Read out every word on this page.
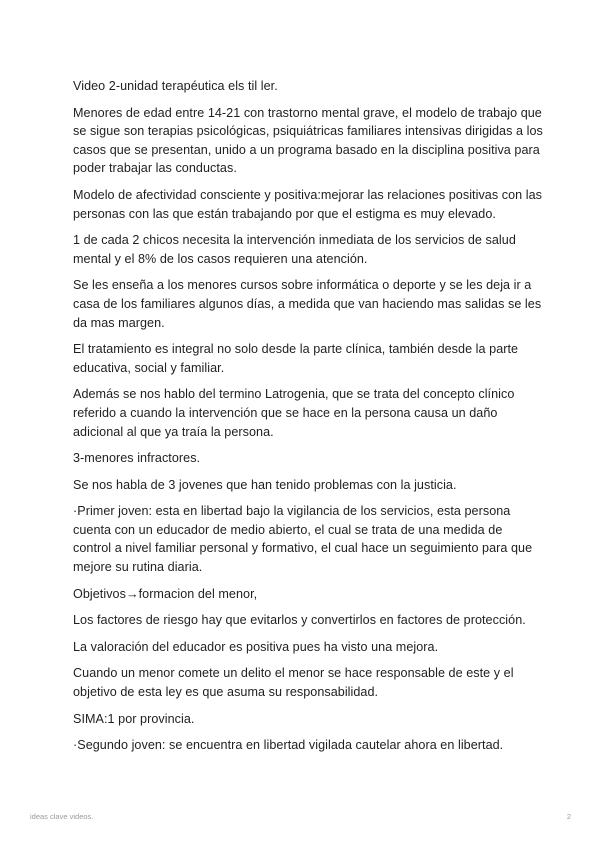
Video 2-unidad terapéutica els til ler.

Menores de edad entre 14-21 con trastorno mental grave, el modelo de trabajo que se sigue son terapias psicológicas, psiquiátricas familiares intensivas dirigidas a los casos que se presentan, unido a un programa basado en la disciplina positiva para poder trabajar las conductas.

Modelo de afectividad consciente y positiva:mejorar las relaciones positivas con las personas con las que están trabajando por que el estigma es muy elevado.

1 de cada 2 chicos necesita la intervención inmediata de los servicios de salud mental y el 8% de los casos requieren una atención.

Se les enseña a los menores cursos sobre informática o deporte y se les deja ir a casa de los familiares algunos días, a medida que van haciendo mas salidas se les da mas margen.

El tratamiento es integral no solo desde la parte clínica, también desde la parte educativa, social y familiar.

Además se nos hablo del termino Latrogenia, que se trata del concepto clínico referido a cuando la intervención que se hace en la persona causa un daño adicional al que ya traía la persona.

3-menores infractores.

Se nos habla de 3 jovenes que han tenido problemas con la justicia.

·Primer joven: esta en libertad bajo la vigilancia de los servicios, esta persona cuenta con un educador de medio abierto, el cual se trata de una medida de control a nivel familiar personal y formativo, el cual hace un seguimiento para que mejore su rutina diaria.

Objetivos→formacion del menor,

Los factores de riesgo hay que evitarlos y convertirlos en factores de protección.

La valoración del educador es positiva pues ha visto una mejora.

Cuando un menor comete un delito el menor se hace responsable de este y el objetivo de esta ley es que asuma su responsabilidad.

SIMA:1 por provincia.

·Segundo joven: se encuentra en libertad vigilada cautelar ahora en libertad.

ideas clave videos.	2
